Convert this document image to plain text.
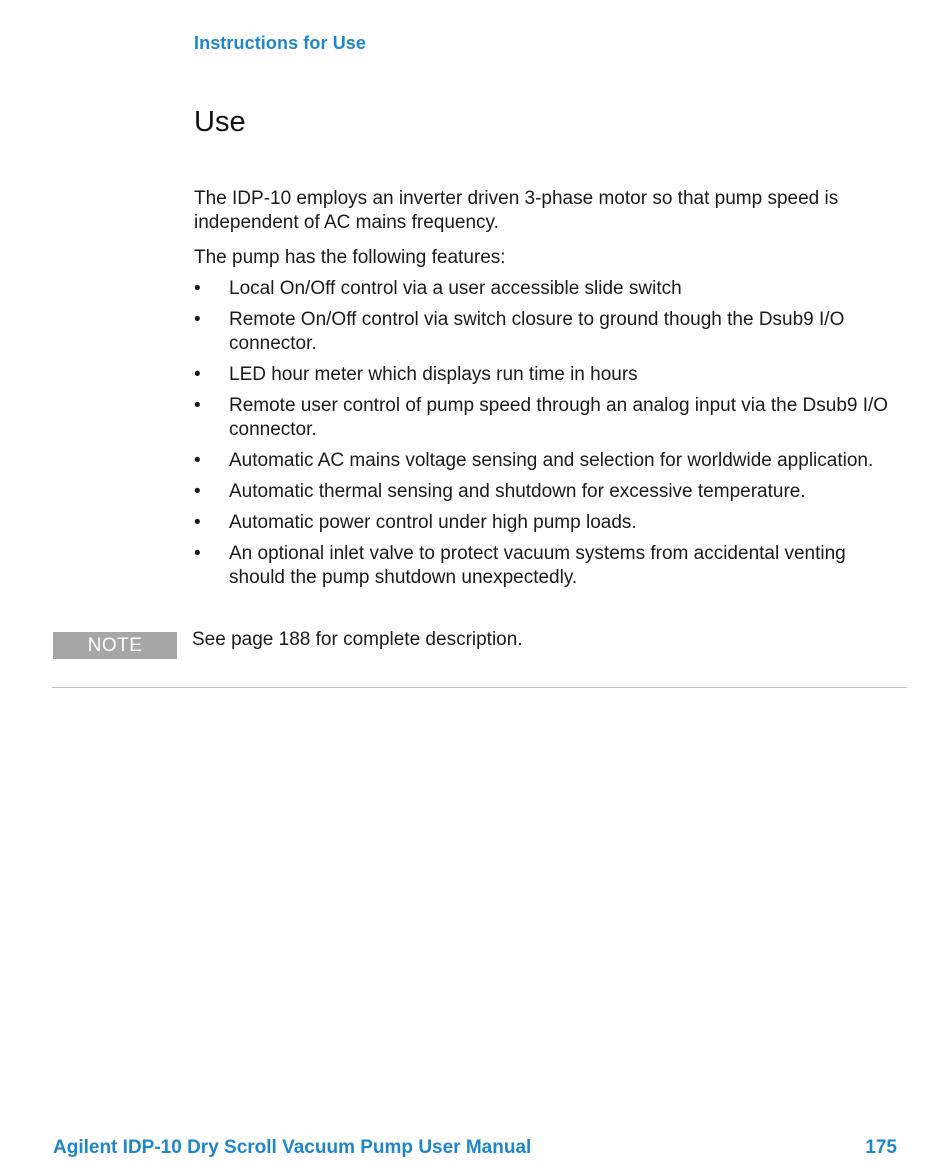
Instructions for Use
Use

The IDP-10 employs an inverter driven 3-phase motor so that pump speed is independent of AC mains frequency.

The pump has the following features:

• Local On/Off control via a user accessible slide switch
• Remote On/Off control via switch closure to ground though the Dsub9 I/O connector.
• LED hour meter which displays run time in hours
• Remote user control of pump speed through an analog input via the Dsub9 I/O connector.
• Automatic AC mains voltage sensing and selection for worldwide application.
• Automatic thermal sensing and shutdown for excessive temperature.
• Automatic power control under high pump loads.
• An optional inlet valve to protect vacuum systems from accidental venting should the pump shutdown unexpectedly.
NOTE	See page 188 for complete description.
Agilent IDP-10 Dry Scroll Vacuum Pump User Manual	175
